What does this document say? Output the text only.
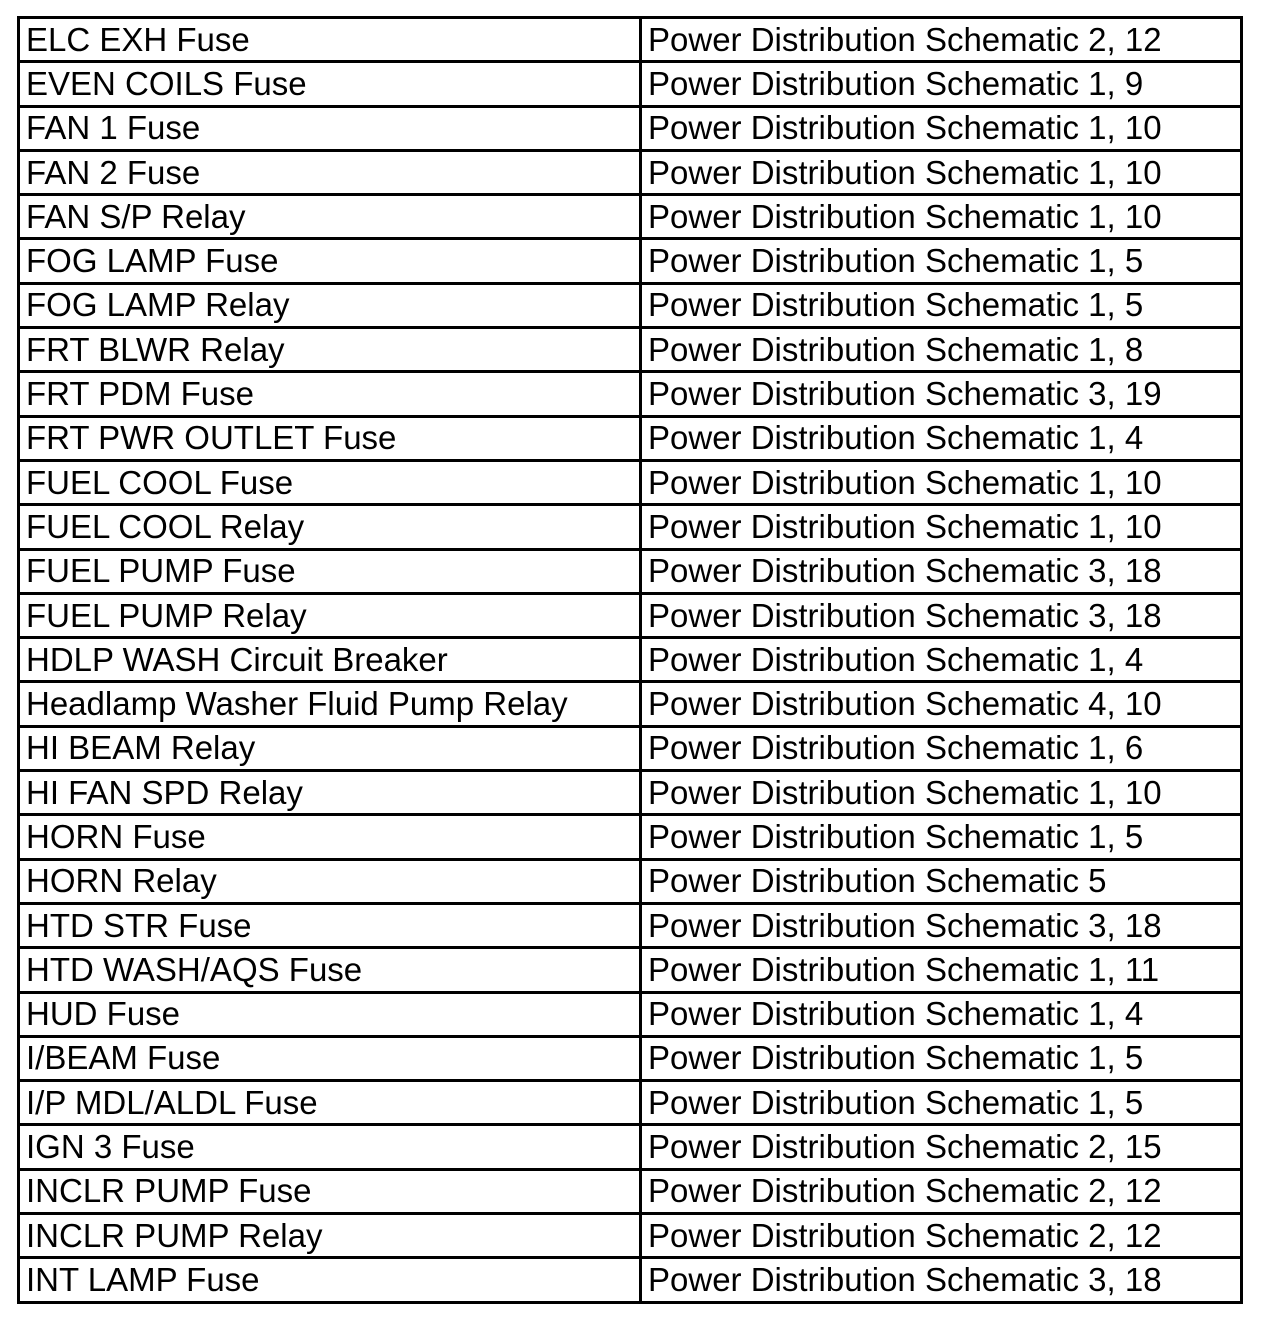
ELC EXH Fuse	Power Distribution Schematic 2, 12
EVEN COILS Fuse	Power Distribution Schematic 1, 9
FAN 1 Fuse	Power Distribution Schematic 1, 10
FAN 2 Fuse	Power Distribution Schematic 1, 10
FAN S/P Relay	Power Distribution Schematic 1, 10
FOG LAMP Fuse	Power Distribution Schematic 1, 5
FOG LAMP Relay	Power Distribution Schematic 1, 5
FRT BLWR Relay	Power Distribution Schematic 1, 8
FRT PDM Fuse	Power Distribution Schematic 3, 19
FRT PWR OUTLET Fuse	Power Distribution Schematic 1, 4
FUEL COOL Fuse	Power Distribution Schematic 1, 10
FUEL COOL Relay	Power Distribution Schematic 1, 10
FUEL PUMP Fuse	Power Distribution Schematic 3, 18
FUEL PUMP Relay	Power Distribution Schematic 3, 18
HDLP WASH Circuit Breaker	Power Distribution Schematic 1, 4
Headlamp Washer Fluid Pump Relay	Power Distribution Schematic 4, 10
HI BEAM Relay	Power Distribution Schematic 1, 6
HI FAN SPD Relay	Power Distribution Schematic 1, 10
HORN Fuse	Power Distribution Schematic 1, 5
HORN Relay	Power Distribution Schematic 5
HTD STR Fuse	Power Distribution Schematic 3, 18
HTD WASH/AQS Fuse	Power Distribution Schematic 1, 11
HUD Fuse	Power Distribution Schematic 1, 4
I/BEAM Fuse	Power Distribution Schematic 1, 5
I/P MDL/ALDL Fuse	Power Distribution Schematic 1, 5
IGN 3 Fuse	Power Distribution Schematic 2, 15
INCLR PUMP Fuse	Power Distribution Schematic 2, 12
INCLR PUMP Relay	Power Distribution Schematic 2, 12
INT LAMP Fuse	Power Distribution Schematic 3, 18
